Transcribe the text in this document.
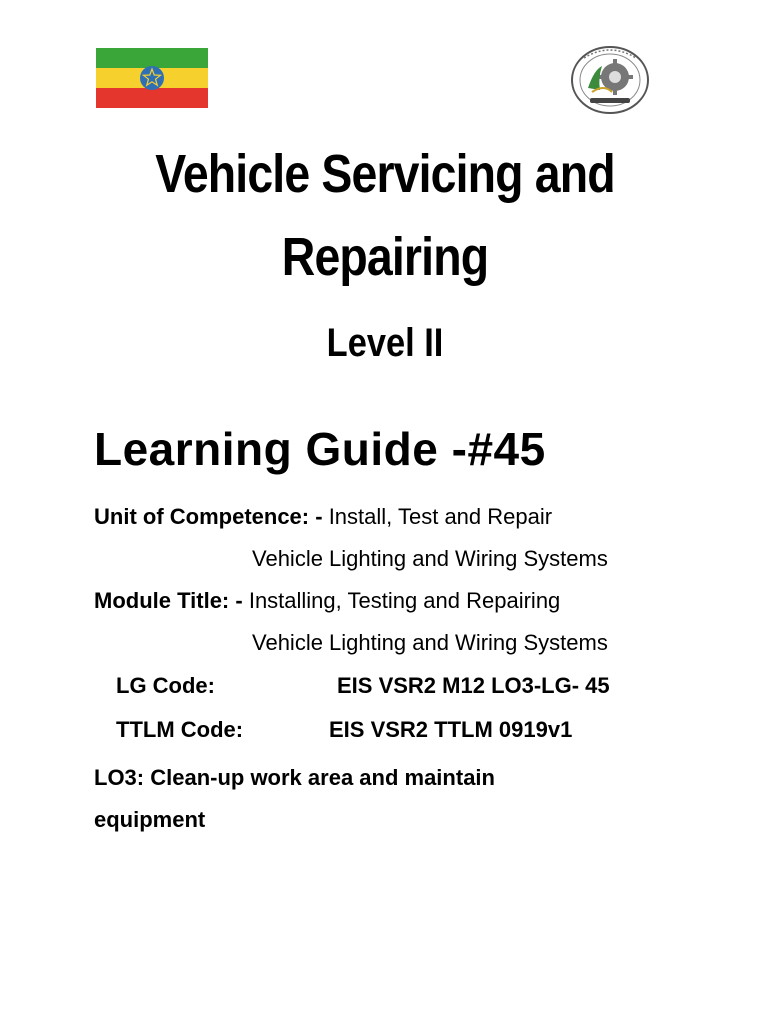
Vehicle Servicing and
Repairing
Level II
Learning Guide -#45
Unit of Competence: - Install, Test and Repair
Vehicle Lighting and Wiring Systems
Module Title: - Installing, Testing and Repairing
Vehicle Lighting and Wiring Systems
LG Code:	EIS VSR2 M12 LO3-LG- 45
TTLM Code:	EIS VSR2 TTLM 0919v1
LO3: Clean-up work area and maintain
equipment
